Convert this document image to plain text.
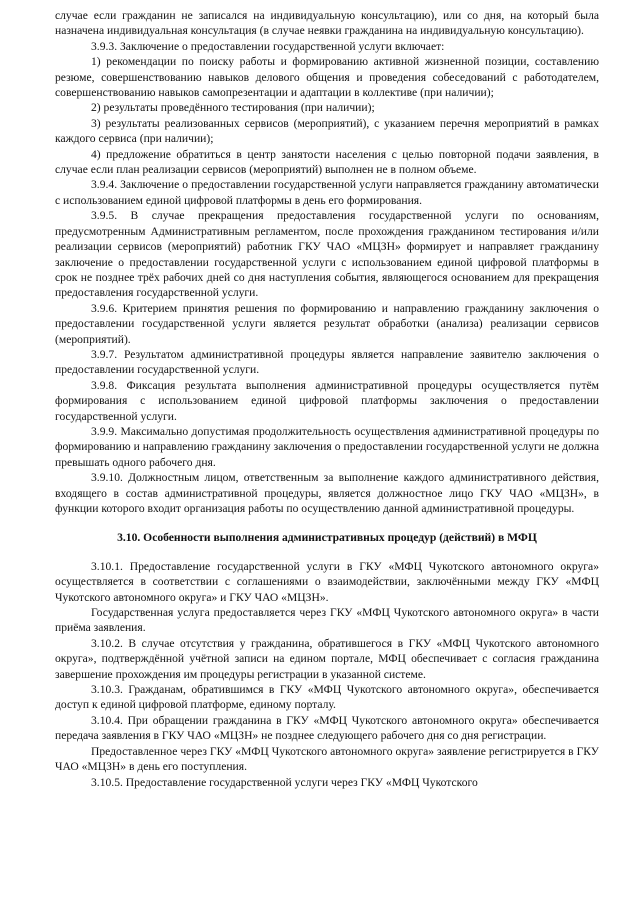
случае если гражданин не записался на индивидуальную консультацию), или со дня, на который была назначена индивидуальная консультация (в случае неявки гражданина на индивидуальную консультацию).

3.9.3. Заключение о предоставлении государственной услуги включает:

1) рекомендации по поиску работы и формированию активной жизненной позиции, составлению резюме, совершенствованию навыков делового общения и проведения собеседований с работодателем, совершенствованию навыков самопрезентации и адаптации в коллективе (при наличии);

2) результаты проведённого тестирования (при наличии);

3) результаты реализованных сервисов (мероприятий), с указанием перечня мероприятий в рамках каждого сервиса (при наличии);

4) предложение обратиться в центр занятости населения с целью повторной подачи заявления, в случае если план реализации сервисов (мероприятий) выполнен не в полном объеме.

3.9.4. Заключение о предоставлении государственной услуги направляется гражданину автоматически с использованием единой цифровой платформы в день его формирования.

3.9.5. В случае прекращения предоставления государственной услуги по основаниям, предусмотренным Административным регламентом, после прохождения гражданином тестирования и/или реализации сервисов (мероприятий) работник ГКУ ЧАО «МЦЗН» формирует и направляет гражданину заключение о предоставлении государственной услуги с использованием единой цифровой платформы в срок не позднее трёх рабочих дней со дня наступления события, являющегося основанием для прекращения предоставления государственной услуги.

3.9.6. Критерием принятия решения по формированию и направлению гражданину заключения о предоставлении государственной услуги является результат обработки (анализа) реализации сервисов (мероприятий).

3.9.7. Результатом административной процедуры является направление заявителю заключения о предоставлении государственной услуги.

3.9.8. Фиксация результата выполнения административной процедуры осуществляется путём формирования с использованием единой цифровой платформы заключения о предоставлении государственной услуги.

3.9.9. Максимально допустимая продолжительность осуществления административной процедуры по формированию и направлению гражданину заключения о предоставлении государственной услуги не должна превышать одного рабочего дня.

3.9.10. Должностным лицом, ответственным за выполнение каждого административного действия, входящего в состав административной процедуры, является должностное лицо ГКУ ЧАО «МЦЗН», в функции которого входит организация работы по осуществлению данной административной процедуры.

3.10. Особенности выполнения административных процедур (действий) в МФЦ

3.10.1. Предоставление государственной услуги в ГКУ «МФЦ Чукотского автономного округа» осуществляется в соответствии с соглашениями о взаимодействии, заключёнными между ГКУ «МФЦ Чукотского автономного округа» и ГКУ ЧАО «МЦЗН».

Государственная услуга предоставляется через ГКУ «МФЦ Чукотского автономного округа» в части приёма заявления.

3.10.2. В случае отсутствия у гражданина, обратившегося в ГКУ «МФЦ Чукотского автономного округа», подтверждённой учётной записи на едином портале, МФЦ обеспечивает с согласия гражданина завершение прохождения им процедуры регистрации в указанной системе.

3.10.3. Гражданам, обратившимся в ГКУ «МФЦ Чукотского автономного округа», обеспечивается доступ к единой цифровой платформе, единому порталу.

3.10.4. При обращении гражданина в ГКУ «МФЦ Чукотского автономного округа» обеспечивается передача заявления в ГКУ ЧАО «МЦЗН» не позднее следующего рабочего дня со дня регистрации.

Предоставленное через ГКУ «МФЦ Чукотского автономного округа» заявление регистрируется в ГКУ ЧАО «МЦЗН» в день его поступления.

3.10.5. Предоставление государственной услуги через ГКУ «МФЦ Чукотского
